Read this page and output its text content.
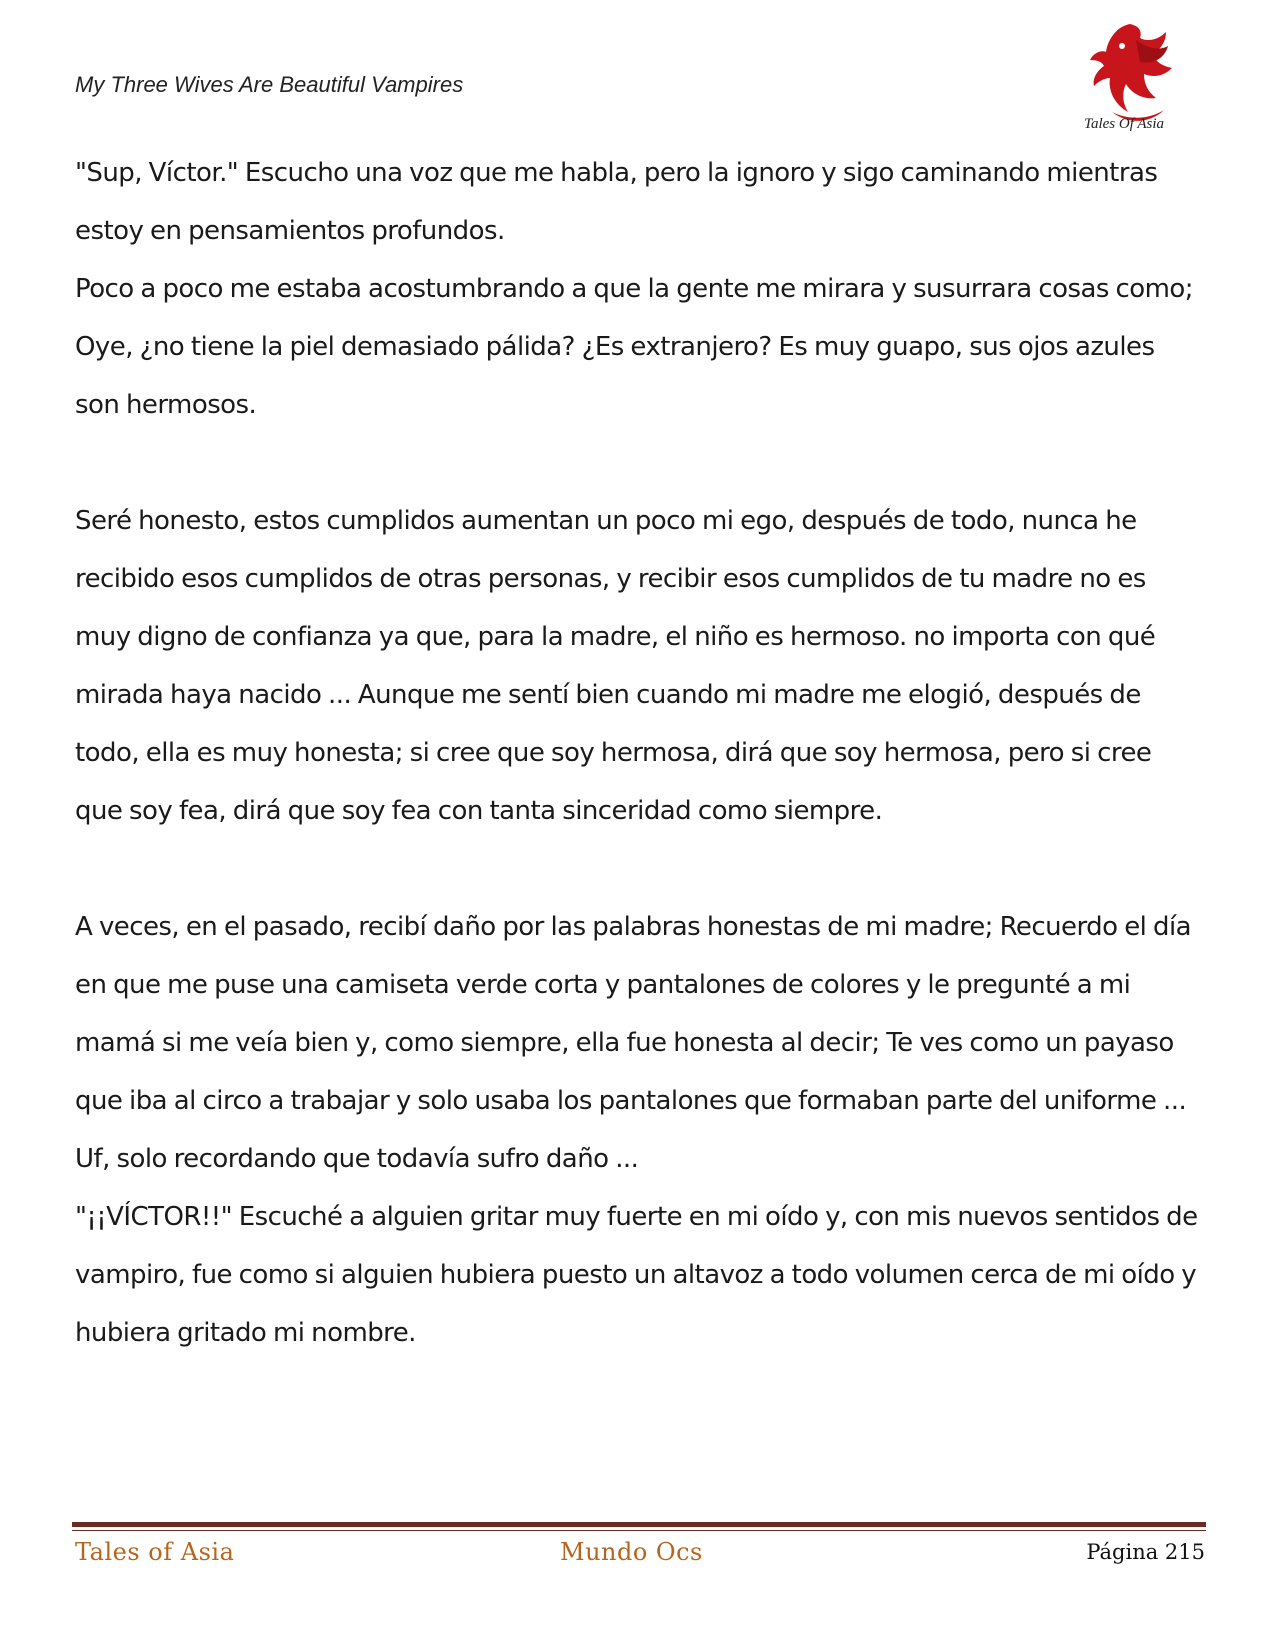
My Three Wives Are Beautiful Vampires
Tales Of Asia

"Sup, Víctor." Escucho una voz que me habla, pero la ignoro y sigo caminando mientras estoy en pensamientos profundos.

Poco a poco me estaba acostumbrando a que la gente me mirara y susurrara cosas como; Oye, ¿no tiene la piel demasiado pálida? ¿Es extranjero? Es muy guapo, sus ojos azules son hermosos.

Seré honesto, estos cumplidos aumentan un poco mi ego, después de todo, nunca he recibido esos cumplidos de otras personas, y recibir esos cumplidos de tu madre no es muy digno de confianza ya que, para la madre, el niño es hermoso. no importa con qué mirada haya nacido ... Aunque me sentí bien cuando mi madre me elogió, después de todo, ella es muy honesta; si cree que soy hermosa, dirá que soy hermosa, pero si cree que soy fea, dirá que soy fea con tanta sinceridad como siempre.

A veces, en el pasado, recibí daño por las palabras honestas de mi madre; Recuerdo el día en que me puse una camiseta verde corta y pantalones de colores y le pregunté a mi mamá si me veía bien y, como siempre, ella fue honesta al decir; Te ves como un payaso que iba al circo a trabajar y solo usaba los pantalones que formaban parte del uniforme ...

Uf, solo recordando que todavía sufro daño ...

"¡¡VÍCTOR!!" Escuché a alguien gritar muy fuerte en mi oído y, con mis nuevos sentidos de vampiro, fue como si alguien hubiera puesto un altavoz a todo volumen cerca de mi oído y hubiera gritado mi nombre.

Tales of Asia	Mundo Ocs	Página 215
